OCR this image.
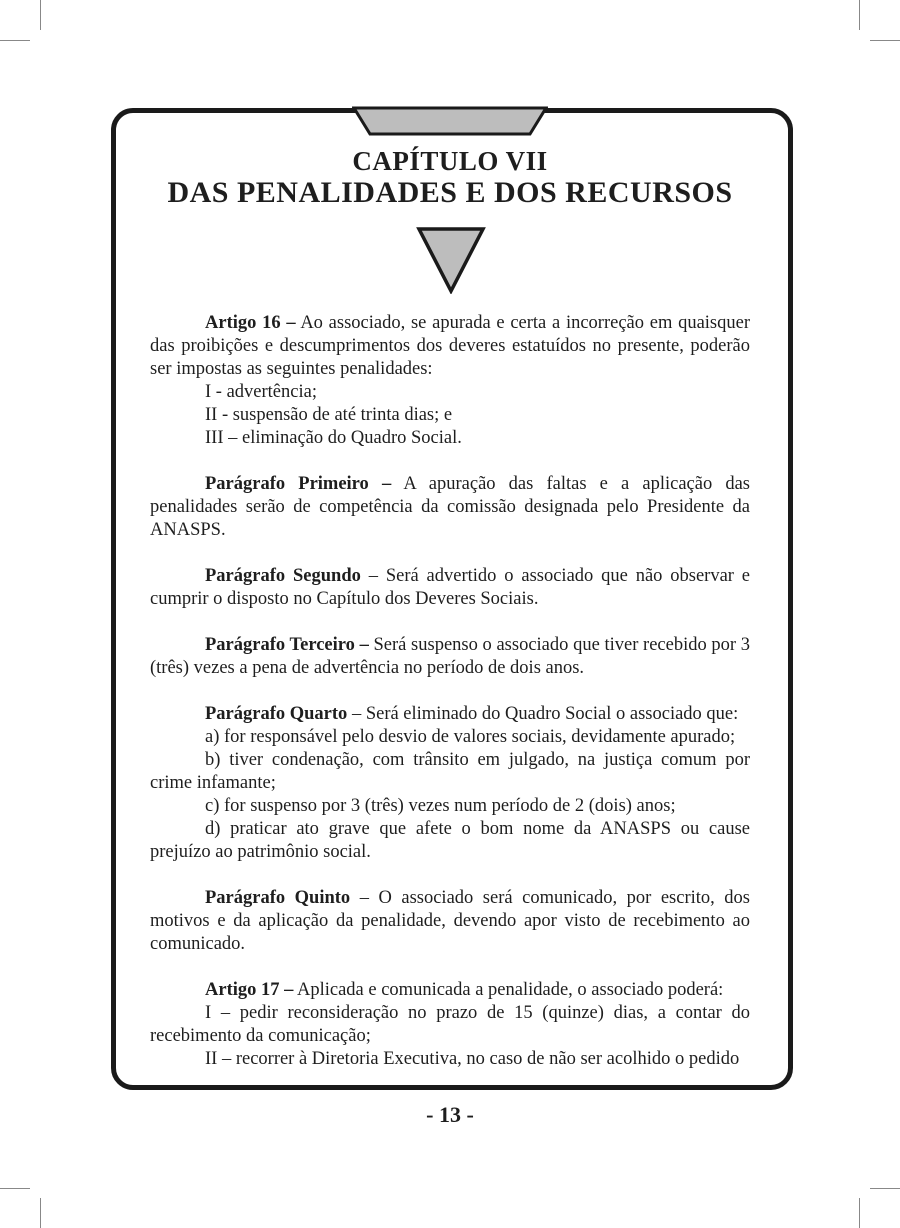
CAPÍTULO VII
DAS PENALIDADES E DOS RECURSOS

Artigo 16 – Ao associado, se apurada e certa a incorreção em quaisquer das proibições e descumprimentos dos deveres estatuídos no presente, poderão ser impostas as seguintes penalidades:

I - advertência;

II - suspensão de até trinta dias; e

III – eliminação do Quadro Social.

Parágrafo Primeiro – A apuração das faltas e a aplicação das penalidades serão de competência da comissão designada pelo Presidente da ANASPS.

Parágrafo Segundo – Será advertido o associado que não observar e cumprir o disposto no Capítulo dos Deveres Sociais.

Parágrafo Terceiro – Será suspenso o associado que tiver recebido por 3 (três) vezes a pena de advertência no período de dois anos.

Parágrafo Quarto – Será eliminado do Quadro Social o associado que:

a) for responsável pelo desvio de valores sociais, devidamente apurado;

b) tiver condenação, com trânsito em julgado, na justiça comum por crime infamante;

c) for suspenso por 3 (três) vezes num período de 2 (dois) anos;

d) praticar ato grave que afete o bom nome da ANASPS ou cause prejuízo ao patrimônio social.

Parágrafo Quinto – O associado será comunicado, por escrito, dos motivos e da aplicação da penalidade, devendo apor visto de recebimento ao comunicado.

Artigo 17 – Aplicada e comunicada a penalidade, o associado poderá:

I – pedir reconsideração no prazo de 15 (quinze) dias, a contar do recebimento da comunicação;

II – recorrer à Diretoria Executiva, no caso de não ser acolhido o pedido

- 13 -
